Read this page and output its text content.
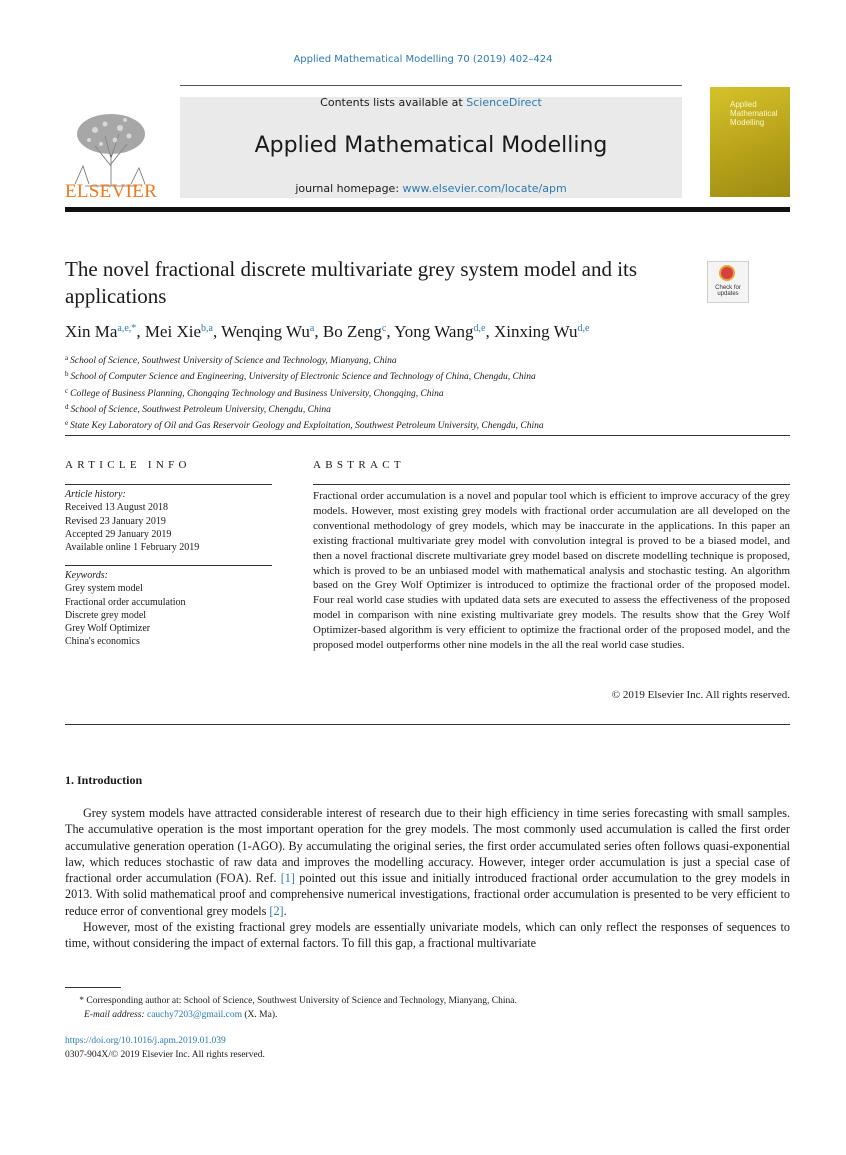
Applied Mathematical Modelling 70 (2019) 402–424
ELSEVIER
Contents lists available at ScienceDirect
Applied Mathematical Modelling
journal homepage: www.elsevier.com/locate/apm
Applied Mathematical Modelling
The novel fractional discrete multivariate grey system model and its applications	Check for updates
Xin $Ma^{a,e,*}$, Mei Xie$^{b,a}$, Wenqing Wu$^a$, Bo Zeng$^c$, Yong Wang$^{d,e}$, Xinxing Wu$^{d,e}$
$^a$ School of Science, Southwest University of Science and Technology, Mianyang, China
$^b$ School of Computer Science and Engineering, University of Electronic Science and Technology of China, Chengdu, China
$^c$ College of Business Planning, Chongqing Technology and Business University, Chongqing, China
$^d$ School of Science, Southwest Petroleum University, Chengdu, China
$^e$ State Key Laboratory of Oil and Gas Reservoir Geology and Exploitation, Southwest Petroleum University, Chengdu, China
ARTICLE INFO
Article history:
Received 13 August 2018
Revised 23 January 2019
Accepted 29 January 2019
Available online 1 February 2019
Keywords:
Grey system model
Fractional order accumulation
Discrete grey model
Grey Wolf Optimizer
China's economics
ABSTRACT
Fractional order accumulation is a novel and popular tool which is efficient to improve accuracy of the grey models. However, most existing grey models with fractional order accumulation are all developed on the conventional methodology of grey models, which may be inaccurate in the applications. In this paper an existing fractional multivariate grey model with convolution integral is proved to be a biased model, and then a novel fractional discrete multivariate grey model based on discrete modelling technique is proposed, which is proved to be an unbiased model with mathematical analysis and stochastic testing. An algorithm based on the Grey Wolf Optimizer is introduced to optimize the fractional order of the proposed model. Four real world case studies with updated data sets are executed to assess the effectiveness of the proposed model in comparison with nine existing multivariate grey models. The results show that the Grey Wolf Optimizer-based algorithm is very efficient to optimize the fractional order of the proposed model, and the proposed model outperforms other nine models in the all the real world case studies.
© 2019 Elsevier Inc. All rights reserved.
1. Introduction

Grey system models have attracted considerable interest of research due to their high efficiency in time series forecasting with small samples. The accumulative operation is the most important operation for the grey models. The most commonly used accumulation is called the first order accumulative generation operation (1-AGO). By accumulating the original series, the first order accumulated series often follows quasi-exponential law, which reduces stochastic of raw data and improves the modelling accuracy. However, integer order accumulation is just a special case of fractional order accumulation (FOA). Ref. [1] pointed out this issue and initially introduced fractional order accumulation to the grey models in 2013. With solid mathematical proof and comprehensive numerical investigations, fractional order accumulation is presented to be very efficient to reduce error of conventional grey models [2].

However, most of the existing fractional grey models are essentially univariate models, which can only reflect the responses of sequences to time, without considering the impact of external factors. To fill this gap, a fractional multivariate

* Corresponding author at: School of Science, Southwest University of Science and Technology, Mianyang, China.
E-mail address: cauchy7203@gmail.com (X. Ma).
https://doi.org/10.1016/j.apm.2019.01.039
0307-904X/© 2019 Elsevier Inc. All rights reserved.
